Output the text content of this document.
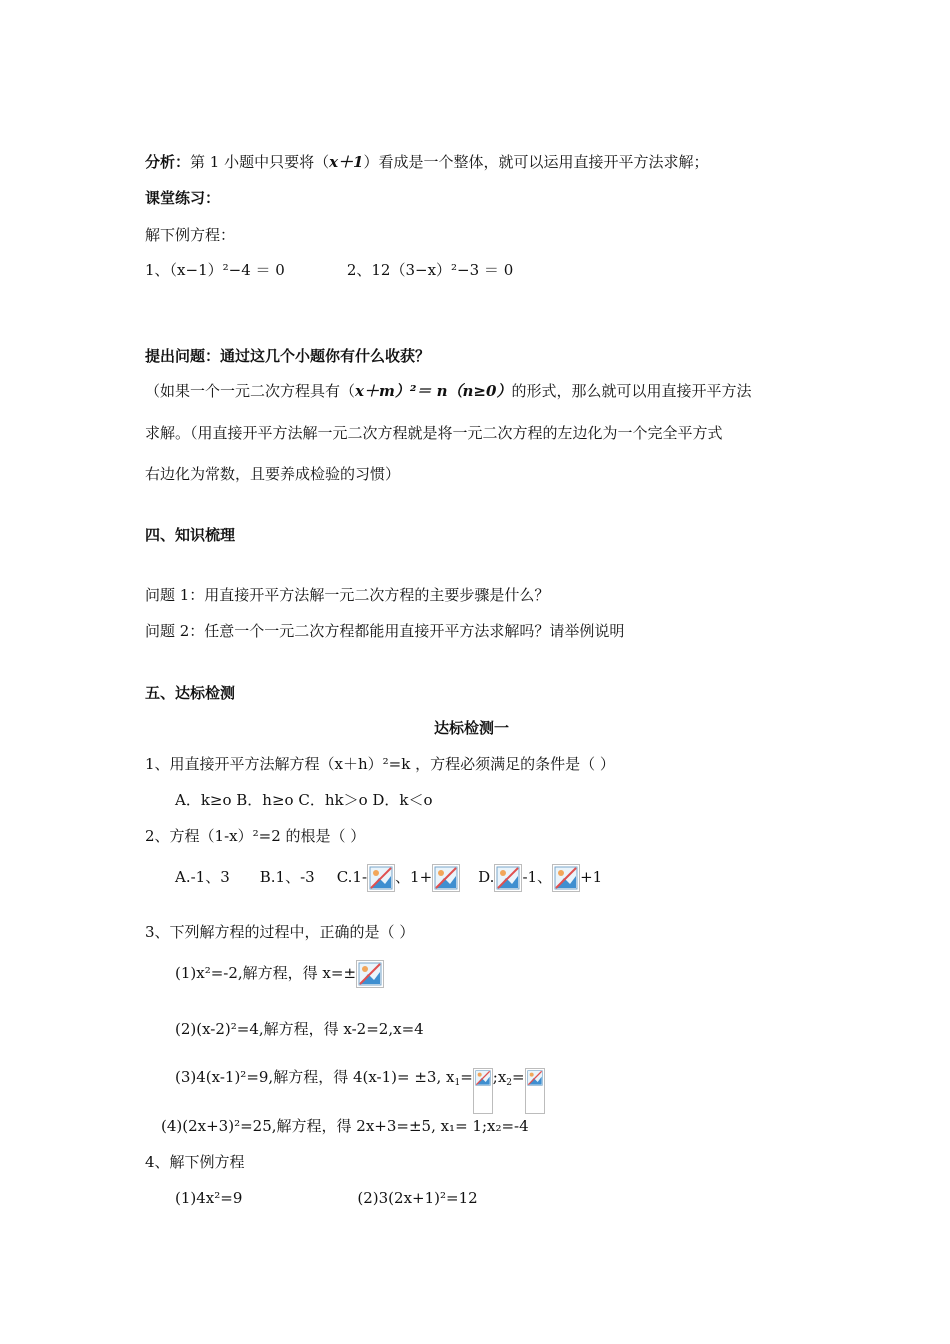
分析：第 1 小题中只要将（x＋1）看成是一个整体，就可以运用直接开平方法求解；
课堂练习：
解下例方程：
1、（x−1）²−4 ＝ 0	2、12（3−x）²−3 ＝ 0
提出问题：通过这几个小题你有什么收获？
（如果一个一元二次方程具有（x＋m）²＝ n（n≥0）的形式，那么就可以用直接开平方法
求解。（用直接开平方法解一元二次方程就是将一元二次方程的左边化为一个完全平方式
右边化为常数，且要养成检验的习惯）
四、知识梳理
问题 1：用直接开平方法解一元二次方程的主要步骤是什么？
问题 2：任意一个一元二次方程都能用直接开平方法求解吗？请举例说明
五、达标检测
达标检测一
1、用直接开平方法解方程（x＋h）²=k ，方程必须满足的条件是（ ）
A．k≥o B．h≥o C．hk＞o D．k＜o
2、方程（1-x）²=2 的根是（ ）
A.-1、3 B.1、-3 C.1- 、1+	D. -1、 +1
3、下列解方程的过程中，正确的是（ ）
(1)x²=-2,解方程，得 x=±
(2)(x-2)²=4,解方程，得 x-2=2,x=4
(3)4(x-1)²=9,解方程，得 4(x-1)= ±3, $x_1=$ $;x_2=$
(4)(2x+3)²=25,解方程，得 2x+3=±5, x₁= 1;x₂=-4
4、解下例方程
(1)4x²=9	(2)3(2x+1)²=12
